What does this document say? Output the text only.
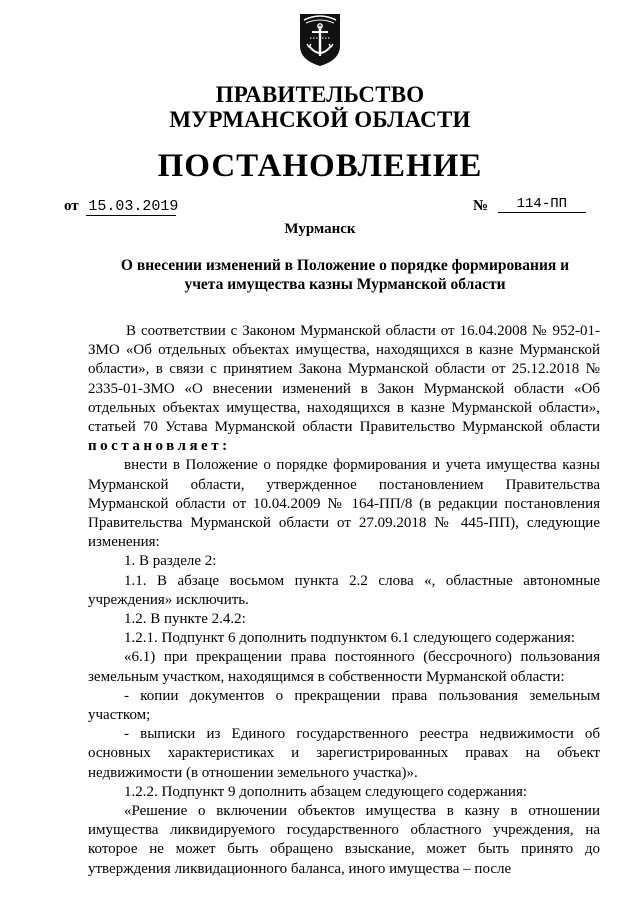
ПРАВИТЕЛЬСТВО
МУРМАНСКОЙ ОБЛАСТИ
ПОСТАНОВЛЕНИЕ
от 15.03.2019	№ 114-ПП
Мурманск
О внесении изменений в Положение о порядке формирования и учета имущества казны Мурманской области

В соответствии с Законом Мурманской области от 16.04.2008 № 952-01-ЗМО «Об отдельных объектах имущества, находящихся в казне Мурманской области», в связи с принятием Закона Мурманской области от 25.12.2018 № 2335-01-ЗМО «О внесении изменений в Закон Мурманской области «Об отдельных объектах имущества, находящихся в казне Мурманской области», статьей 70 Устава Мурманской области Правительство Мурманской области постановляет:

внести в Положение о порядке формирования и учета имущества казны Мурманской области, утвержденное постановлением Правительства Мурманской области от 10.04.2009 № 164-ПП/8 (в редакции постановления Правительства Мурманской области от 27.09.2018 № 445-ПП), следующие изменения:

1. В разделе 2:

1.1. В абзаце восьмом пункта 2.2 слова «, областные автономные учреждения» исключить.

1.2. В пункте 2.4.2:

1.2.1. Подпункт 6 дополнить подпунктом 6.1 следующего содержания:

«6.1) при прекращении права постоянного (бессрочного) пользования земельным участком, находящимся в собственности Мурманской области:

- копии документов о прекращении права пользования земельным участком;

- выписки из Единого государственного реестра недвижимости об основных характеристиках и зарегистрированных правах на объект недвижимости (в отношении земельного участка)».

1.2.2. Подпункт 9 дополнить абзацем следующего содержания:

«Решение о включении объектов имущества в казну в отношении имущества ликвидируемого государственного областного учреждения, на которое не может быть обращено взыскание, может быть принято до утверждения ликвидационного баланса, иного имущества – после
